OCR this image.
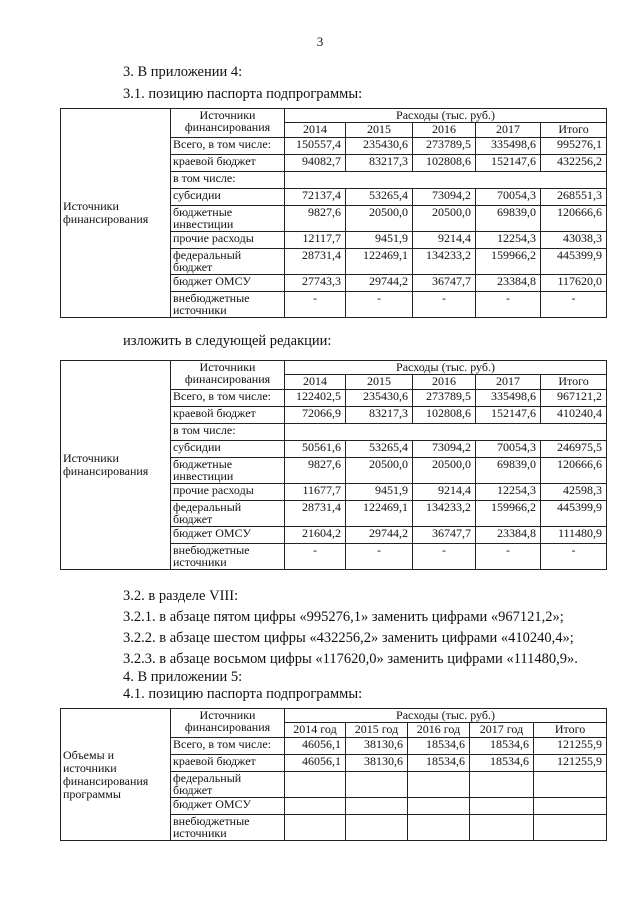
3
3. В приложении 4:
3.1. позицию паспорта подпрограммы:
Источники финансирования	Источники финансирования	Расходы (тыс. руб.)				
		2014	2015	2016	2017	Итого
	Всего, в том числе:	150557,4	235430,6	273789,5	335498,6	995276,1
	краевой бюджет	94082,7	83217,3	102808,6	152147,6	432256,2
	в том числе:					
	субсидии	72137,4	53265,4	73094,2	70054,3	268551,3
	бюджетные инвестиции	9827,6	20500,0	20500,0	69839,0	120666,6
	прочие расходы	12117,7	9451,9	9214,4	12254,3	43038,3
	федеральный бюджет	28731,4	122469,1	134233,2	159966,2	445399,9
	бюджет ОМСУ	27743,3	29744,2	36747,7	23384,8	117620,0
	внебюджетные источники	-	-	-	-	-
изложить в следующей редакции:
Источники финансирования	Источники финансирования	Расходы (тыс. руб.)				
		2014	2015	2016	2017	Итого
	Всего, в том числе:	122402,5	235430,6	273789,5	335498,6	967121,2
	краевой бюджет	72066,9	83217,3	102808,6	152147,6	410240,4
	в том числе:					
	субсидии	50561,6	53265,4	73094,2	70054,3	246975,5
	бюджетные инвестиции	9827,6	20500,0	20500,0	69839,0	120666,6
	прочие расходы	11677,7	9451,9	9214,4	12254,3	42598,3
	федеральный бюджет	28731,4	122469,1	134233,2	159966,2	445399,9
	бюджет ОМСУ	21604,2	29744,2	36747,7	23384,8	111480,9
	внебюджетные источники	-	-	-	-	-
3.2. в разделе VIII:
3.2.1. в абзаце пятом цифры «995276,1» заменить цифрами «967121,2»;
3.2.2. в абзаце шестом цифры «432256,2» заменить цифрами «410240,4»;
3.2.3. в абзаце восьмом цифры «117620,0» заменить цифрами «111480,9».
4. В приложении 5:
4.1. позицию паспорта подпрограммы:
Объемы и источники финансирования программы	Источники финансирования	Расходы (тыс. руб.)				
		2014 год	2015 год	2016 год	2017 год	Итого
	Всего, в том числе:	46056,1	38130,6	18534,6	18534,6	121255,9
	краевой бюджет	46056,1	38130,6	18534,6	18534,6	121255,9
	федеральный бюджет					
	бюджет ОМСУ					
	внебюджетные источники					
